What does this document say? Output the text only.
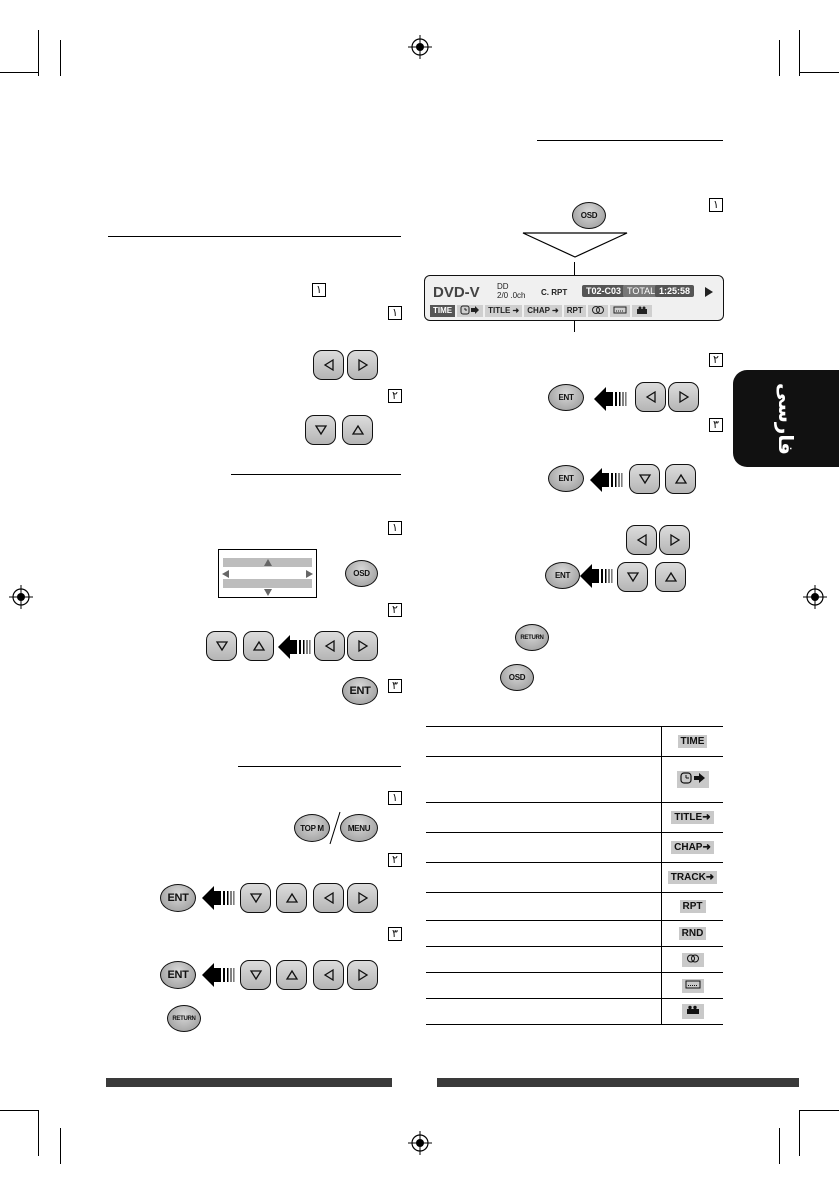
فارسی
١
١
٢
١
OSD
٢
٣
ENT
١
TOP M	MENU
٢
ENT
٣
ENT
RETURN
١
OSD
DVD-V DD
2/0 .0ch C. RPT	T02-C03 TOTAL 1:25:58
TIME	TITLE ➜	CHAP ➜	RPT
٢
ENT
٣
ENT
ENT
RETURN
OSD
TIME
TITLE➜
CHAP➜
TRACK➜
RPT
RND
